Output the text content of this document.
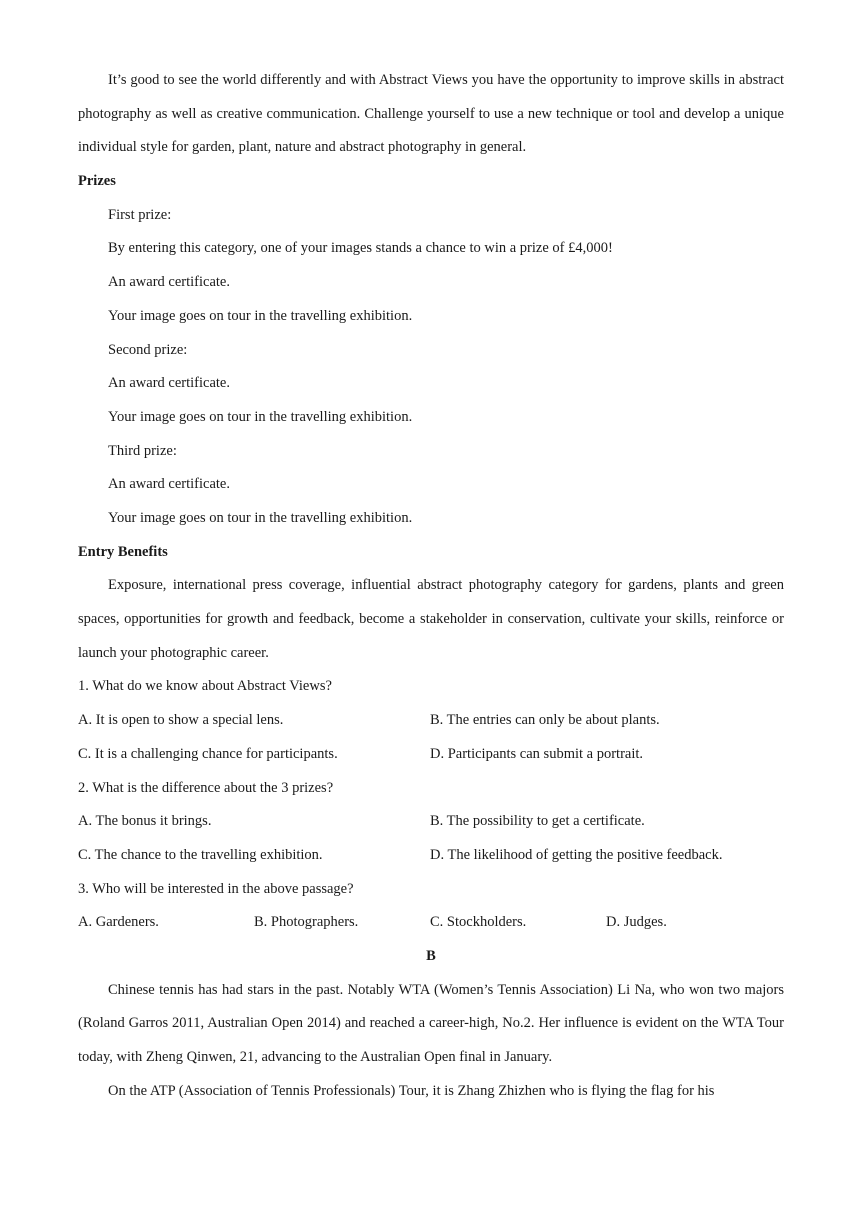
It’s good to see the world differently and with Abstract Views you have the opportunity to improve skills in abstract photography as well as creative communication. Challenge yourself to use a new technique or tool and develop a unique individual style for garden, plant, nature and abstract photography in general.

Prizes
First prize:
By entering this category, one of your images stands a chance to win a prize of £4,000!
An award certificate.
Your image goes on tour in the travelling exhibition.
Second prize:
An award certificate.
Your image goes on tour in the travelling exhibition.
Third prize:
An award certificate.
Your image goes on tour in the travelling exhibition.
Entry Benefits

Exposure, international press coverage, influential abstract photography category for gardens, plants and green spaces, opportunities for growth and feedback, become a stakeholder in conservation, cultivate your skills, reinforce or launch your photographic career.

1. What do we know about Abstract Views?
A. It is open to show a special lens.	B. The entries can only be about plants.
C. It is a challenging chance for participants.	D. Participants can submit a portrait.
2. What is the difference about the 3 prizes?
A. The bonus it brings.	B. The possibility to get a certificate.
C. The chance to the travelling exhibition.	D. The likelihood of getting the positive feedback.
3. Who will be interested in the above passage?
A. Gardeners.	B. Photographers.	C. Stockholders.	D. Judges.
B

Chinese tennis has had stars in the past. Notably WTA (Women’s Tennis Association) Li Na, who won two majors (Roland Garros 2011, Australian Open 2014) and reached a career-high, No.2. Her influence is evident on the WTA Tour today, with Zheng Qinwen, 21, advancing to the Australian Open final in January.

On the ATP (Association of Tennis Professionals) Tour, it is Zhang Zhizhen who is flying the flag for his
